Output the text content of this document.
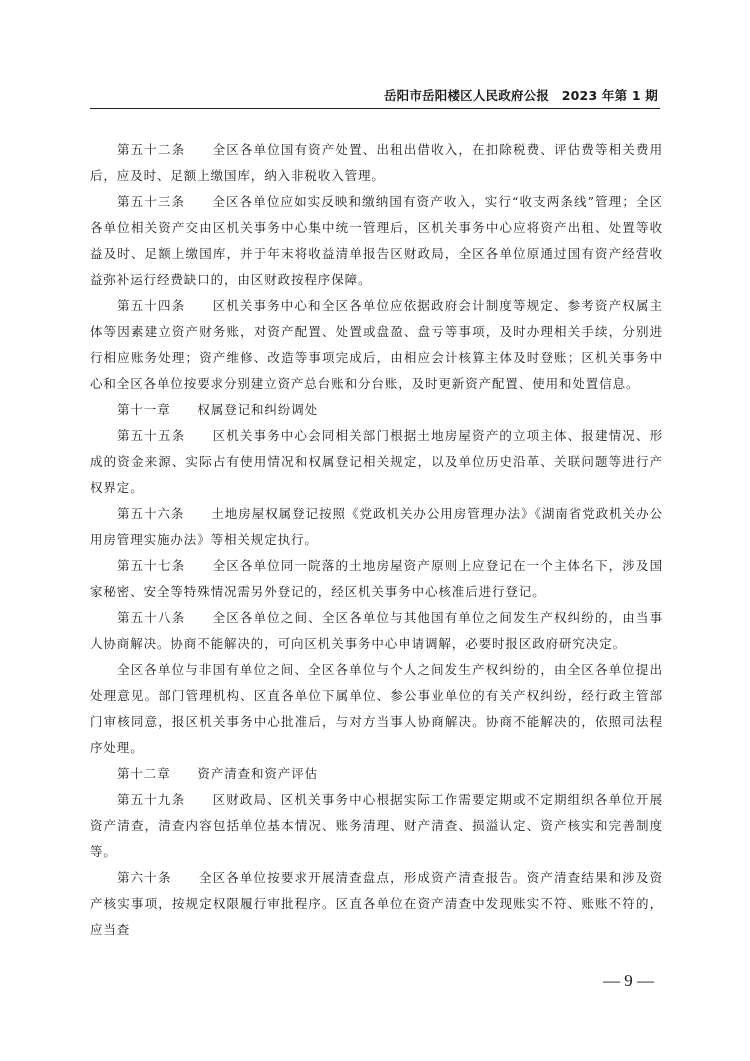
岳阳市岳阳楼区人民政府公报　2023 年第 1 期

第五十二条　　 全区各单位国有资产处置、出租出借收入，在扣除税费、评估费等相关费用后，应及时、足额上缴国库，纳入非税收入管理。

第五十三条　　 全区各单位应如实反映和缴纳国有资产收入，实行“收支两条线”管理；全区各单位相关资产交由区机关事务中心集中统一管理后，区机关事务中心应将资产出租、处置等收益及时、足额上缴国库，并于年末将收益清单报告区财政局，全区各单位原通过国有资产经营收益弥补运行经费缺口的，由区财政按程序保障。

第五十四条　　 区机关事务中心和全区各单位应依据政府会计制度等规定、参考资产权属主体等因素建立资产财务账，对资产配置、处置或盘盈、盘亏等事项，及时办理相关手续，分别进行相应账务处理；资产维修、改造等事项完成后，由相应会计核算主体及时登账；区机关事务中心和全区各单位按要求分别建立资产总台账和分台账，及时更新资产配置、使用和处置信息。

第十一章　　 权属登记和纠纷调处

第五十五条　　 区机关事务中心会同相关部门根据土地房屋资产的立项主体、报建情况、形成的资金来源、实际占有使用情况和权属登记相关规定，以及单位历史沿革、关联问题等进行产权界定。

第五十六条　　 土地房屋权属登记按照《党政机关办公用房管理办法》《湖南省党政机关办公用房管理实施办法》等相关规定执行。

第五十七条　　 全区各单位同一院落的土地房屋资产原则上应登记在一个主体名下，涉及国家秘密、安全等特殊情况需另外登记的，经区机关事务中心核准后进行登记。

第五十八条　　 全区各单位之间、全区各单位与其他国有单位之间发生产权纠纷的，由当事人协商解决。协商不能解决的，可向区机关事务中心申请调解，必要时报区政府研究决定。

全区各单位与非国有单位之间、全区各单位与个人之间发生产权纠纷的，由全区各单位提出处理意见。部门管理机构、区直各单位下属单位、参公事业单位的有关产权纠纷，经行政主管部门审核同意，报区机关事务中心批准后，与对方当事人协商解决。协商不能解决的，依照司法程序处理。

第十二章　　 资产清查和资产评估

第五十九条　　 区财政局、区机关事务中心根据实际工作需要定期或不定期组织各单位开展资产清查，清查内容包括单位基本情况、账务清理、财产清查、损溢认定、资产核实和完善制度等。

第六十条　　 全区各单位按要求开展清查盘点，形成资产清查报告。资产清查结果和涉及资产核实事项，按规定权限履行审批程序。区直各单位在资产清查中发现账实不符、账账不符的，应当查

— 9 —
